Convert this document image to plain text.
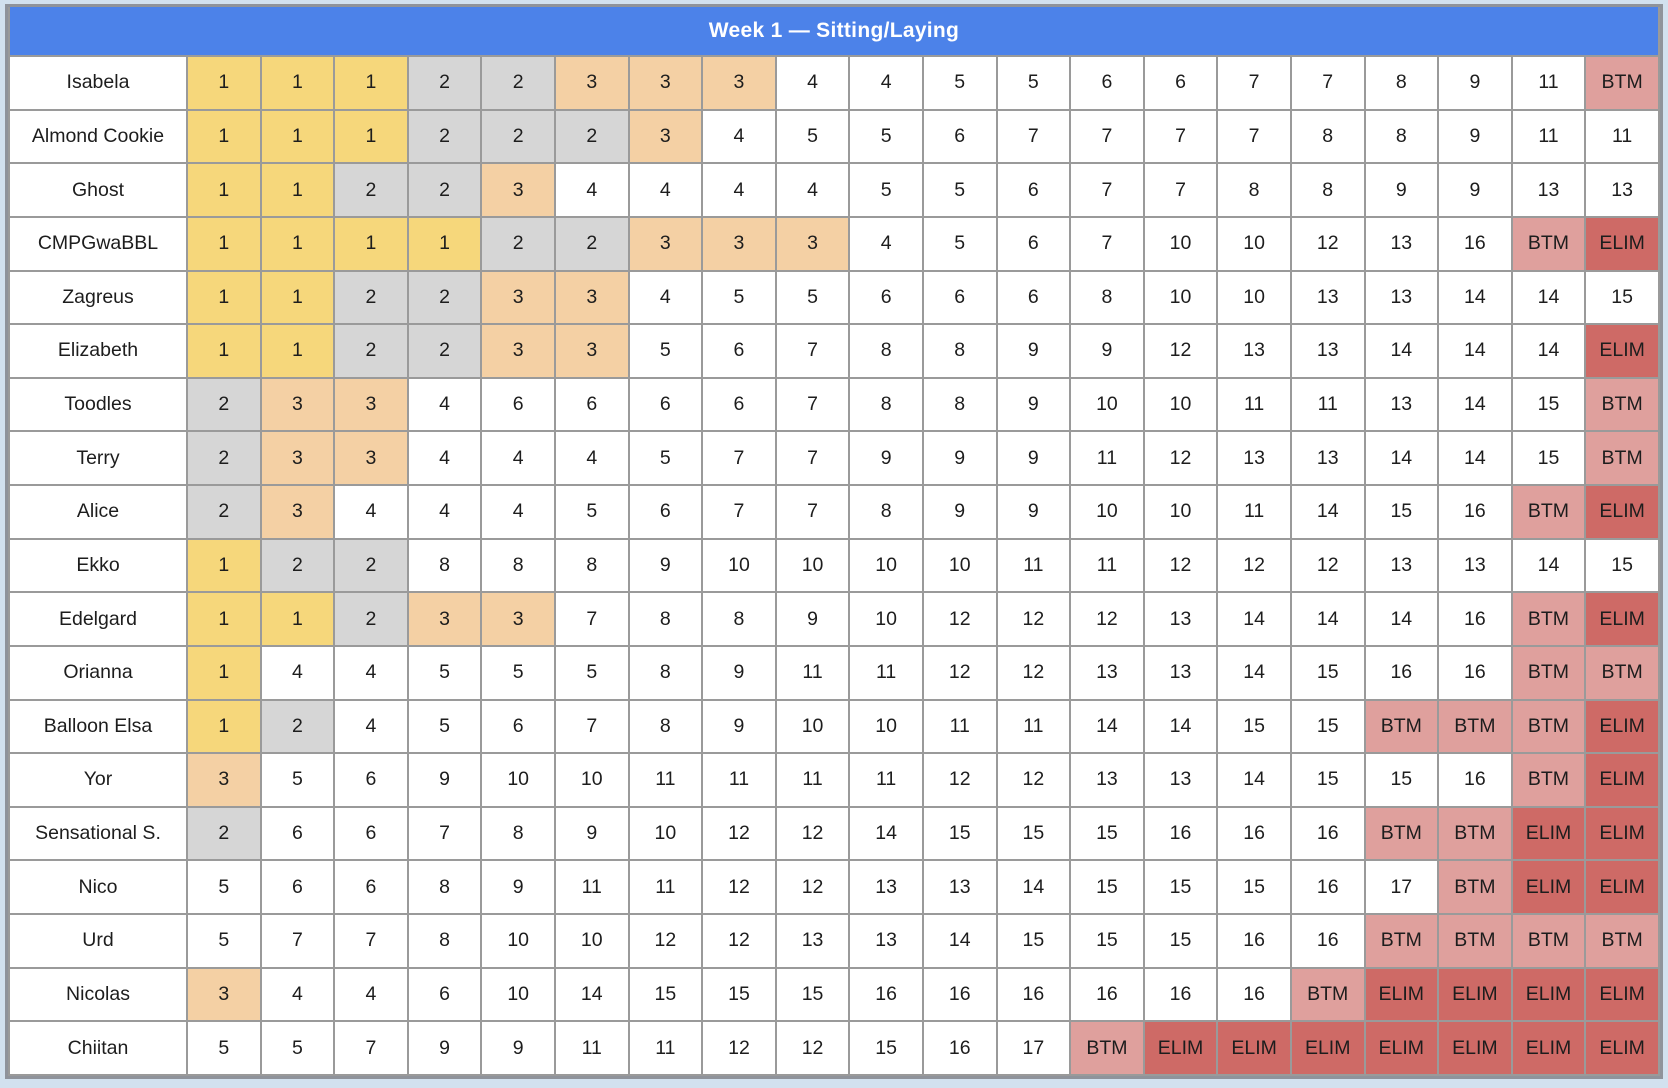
Week 1 — Sitting/Laying																				
Isabela	1	1	1	2	2	3	3	3	4	4	5	5	6	6	7	7	8	9	11	BTM
Almond Cookie	1	1	1	2	2	2	3	4	5	5	6	7	7	7	7	8	8	9	11	11
Ghost	1	1	2	2	3	4	4	4	4	5	5	6	7	7	8	8	9	9	13	13
CMPGwaBBL	1	1	1	1	2	2	3	3	3	4	5	6	7	10	10	12	13	16	BTM	ELIM
Zagreus	1	1	2	2	3	3	4	5	5	6	6	6	8	10	10	13	13	14	14	15
Elizabeth	1	1	2	2	3	3	5	6	7	8	8	9	9	12	13	13	14	14	14	ELIM
Toodles	2	3	3	4	6	6	6	6	7	8	8	9	10	10	11	11	13	14	15	BTM
Terry	2	3	3	4	4	4	5	7	7	9	9	9	11	12	13	13	14	14	15	BTM
Alice	2	3	4	4	4	5	6	7	7	8	9	9	10	10	11	14	15	16	BTM	ELIM
Ekko	1	2	2	8	8	8	9	10	10	10	10	11	11	12	12	12	13	13	14	15
Edelgard	1	1	2	3	3	7	8	8	9	10	12	12	12	13	14	14	14	16	BTM	ELIM
Orianna	1	4	4	5	5	5	8	9	11	11	12	12	13	13	14	15	16	16	BTM	BTM
Balloon Elsa	1	2	4	5	6	7	8	9	10	10	11	11	14	14	15	15	BTM	BTM	BTM	ELIM
Yor	3	5	6	9	10	10	11	11	11	11	12	12	13	13	14	15	15	16	BTM	ELIM
Sensational S.	2	6	6	7	8	9	10	12	12	14	15	15	15	16	16	16	BTM	BTM	ELIM	ELIM
Nico	5	6	6	8	9	11	11	12	12	13	13	14	15	15	15	16	17	BTM	ELIM	ELIM
Urd	5	7	7	8	10	10	12	12	13	13	14	15	15	15	16	16	BTM	BTM	BTM	BTM
Nicolas	3	4	4	6	10	14	15	15	15	16	16	16	16	16	16	BTM	ELIM	ELIM	ELIM	ELIM
Chiitan	5	5	7	9	9	11	11	12	12	15	16	17	BTM	ELIM	ELIM	ELIM	ELIM	ELIM	ELIM	ELIM
